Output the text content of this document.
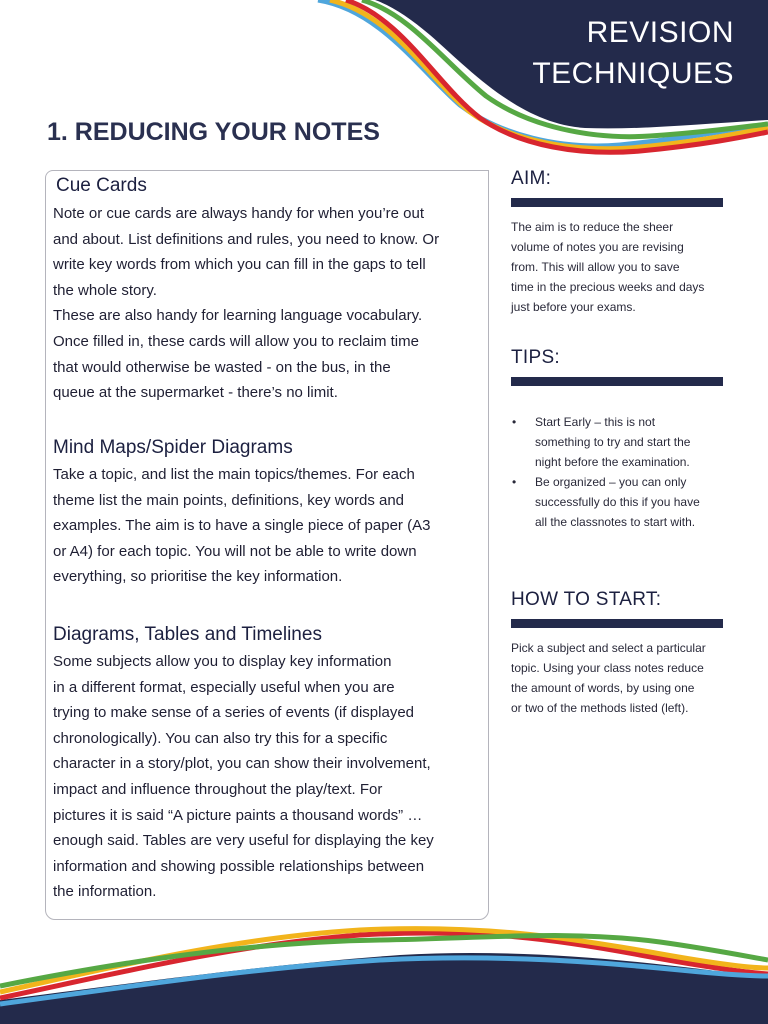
REVISION
TECHNIQUES
1. REDUCING YOUR NOTES
Cue Cards

Note or cue cards are always handy for when you’re out
and about. List definitions and rules, you need to know. Or
write key words from which you can fill in the gaps to tell
the whole story.
These are also handy for learning language vocabulary.
Once filled in, these cards will allow you to reclaim time
that would otherwise be wasted - on the bus, in the
queue at the supermarket - there’s no limit.

Mind Maps/Spider Diagrams

Take a topic, and list the main topics/themes. For each
theme list the main points, definitions, key words and
examples. The aim is to have a single piece of paper (A3
or A4) for each topic. You will not be able to write down
everything, so prioritise the key information.

Diagrams, Tables and Timelines

Some subjects allow you to display key information
in a different format, especially useful when you are
trying to make sense of a series of events (if displayed
chronologically). You can also try this for a specific
character in a story/plot, you can show their involvement,
impact and influence throughout the play/text. For
pictures it is said “A picture paints a thousand words” …
enough said. Tables are very useful for displaying the key
information and showing possible relationships between
the information.

AIM:

The aim is to reduce the sheer
volume of notes you are revising
from. This will allow you to save
time in the precious weeks and days
just before your exams.

TIPS:
• Start Early – this is not
something to try and start the
night before the examination.
• Be organized – you can only
successfully do this if you have
all the classnotes to start with.
HOW TO START:

Pick a subject and select a particular
topic. Using your class notes reduce
the amount of words, by using one
or two of the methods listed (left).
